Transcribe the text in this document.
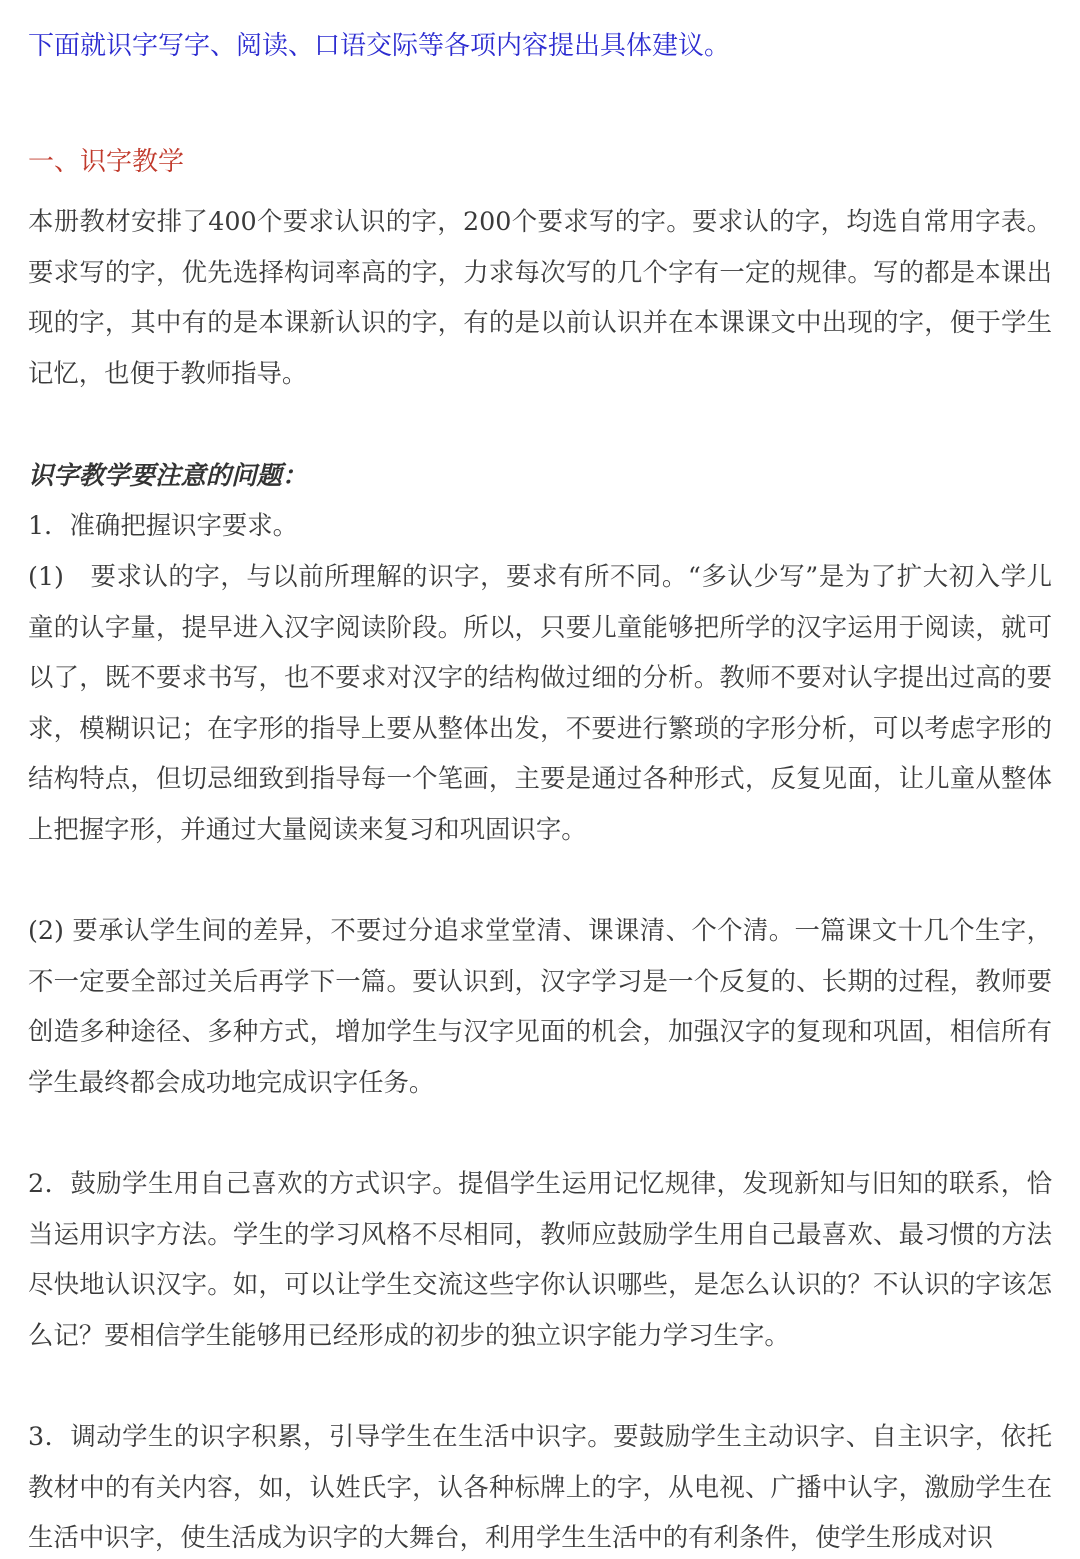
下面就识字写字、阅读、口语交际等各项内容提出具体建议。

一、识字教学

本册教材安排了400个要求认识的字，200个要求写的字。要求认的字，均选自常用字表。要求写的字，优先选择构词率高的字，力求每次写的几个字有一定的规律。写的都是本课出现的字，其中有的是本课新认识的字，有的是以前认识并在本课课文中出现的字，便于学生记忆，也便于教师指导。

识字教学要注意的问题：

1．准确把握识字要求。

(1)　要求认的字，与以前所理解的识字，要求有所不同。“多认少写”是为了扩大初入学儿童的认字量，提早进入汉字阅读阶段。所以，只要儿童能够把所学的汉字运用于阅读，就可以了，既不要求书写，也不要求对汉字的结构做过细的分析。教师不要对认字提出过高的要求，模糊识记；在字形的指导上要从整体出发，不要进行繁琐的字形分析，可以考虑字形的结构特点，但切忌细致到指导每一个笔画，主要是通过各种形式，反复见面，让儿童从整体上把握字形，并通过大量阅读来复习和巩固识字。

(2) 要承认学生间的差异，不要过分追求堂堂清、课课清、个个清。一篇课文十几个生字，不一定要全部过关后再学下一篇。要认识到，汉字学习是一个反复的、长期的过程，教师要创造多种途径、多种方式，增加学生与汉字见面的机会，加强汉字的复现和巩固，相信所有学生最终都会成功地完成识字任务。

2．鼓励学生用自己喜欢的方式识字。提倡学生运用记忆规律，发现新知与旧知的联系，恰当运用识字方法。学生的学习风格不尽相同，教师应鼓励学生用自己最喜欢、最习惯的方法尽快地认识汉字。如，可以让学生交流这些字你认识哪些，是怎么认识的？不认识的字该怎么记？要相信学生能够用已经形成的初步的独立识字能力学习生字。

3．调动学生的识字积累，引导学生在生活中识字。要鼓励学生主动识字、自主识字，依托教材中的有关内容，如，认姓氏字，认各种标牌上的字，从电视、广播中认字，激励学生在生活中识字，使生活成为识字的大舞台，利用学生生活中的有利条件，使学生形成对识
